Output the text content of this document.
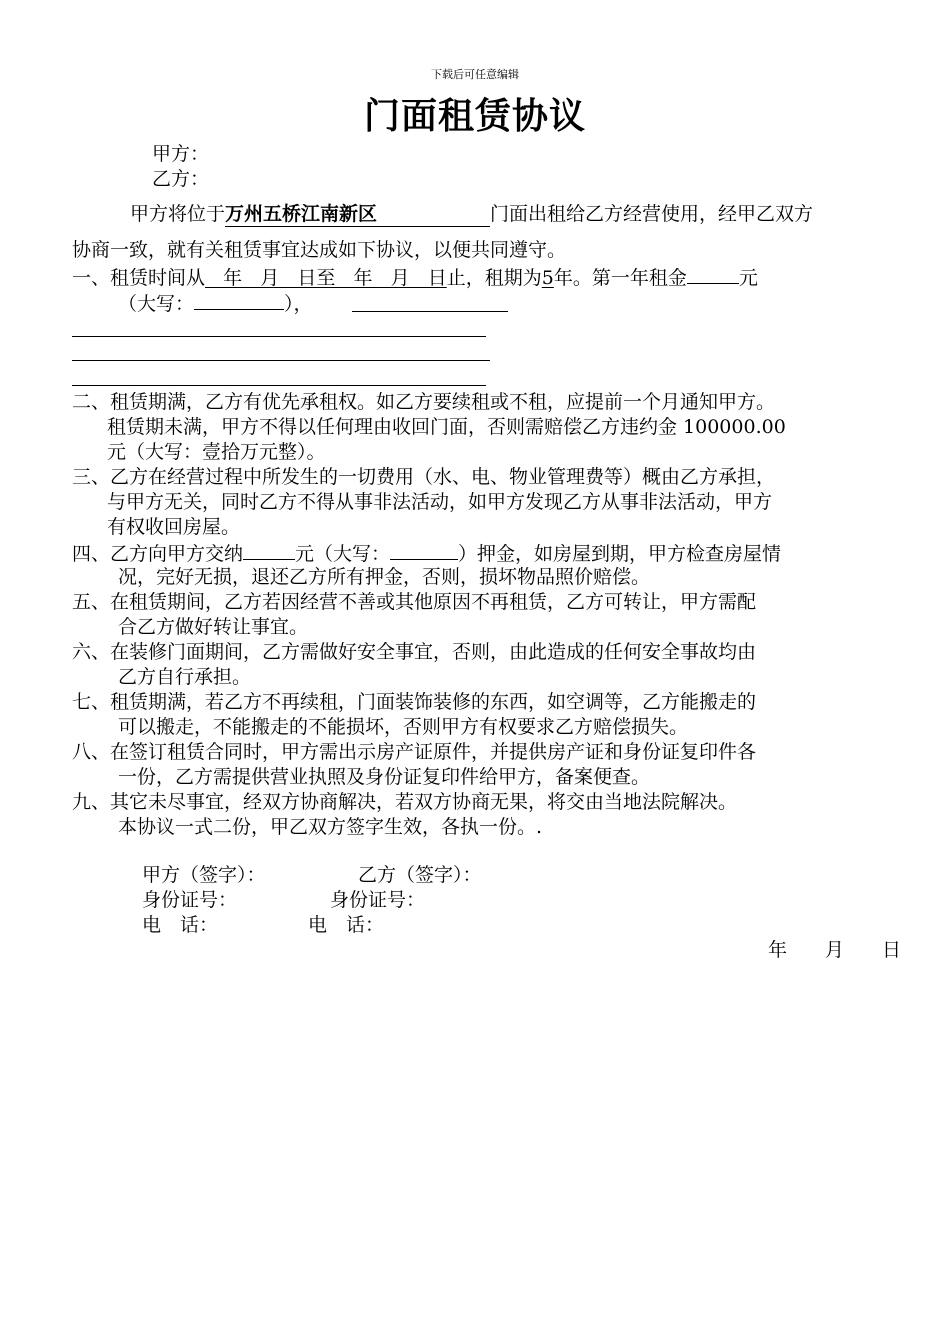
下载后可任意编辑
门面租赁协议
甲方：
乙方：
甲方将位于万州五桥江南新区	门面出租给乙方经营使用，经甲乙双方
协商一致，就有关租赁事宜达成如下协议，以便共同遵守。
一、租赁时间从   年   月   日至   年   月   日止，租期为5年。第一年租金	元
（大写：	），
二、租赁期满，乙方有优先承租权。如乙方要续租或不租，应提前一个月通知甲方。
租赁期未满，甲方不得以任何理由收回门面，否则需赔偿乙方违约金 100000.00
元（大写：壹拾万元整）。
三、乙方在经营过程中所发生的一切费用（水、电、物业管理费等）概由乙方承担，
与甲方无关，同时乙方不得从事非法活动，如甲方发现乙方从事非法活动，甲方
有权收回房屋。
四、乙方向甲方交纳	元（大写：	）押金，如房屋到期，甲方检查房屋情
况，完好无损，退还乙方所有押金，否则，损坏物品照价赔偿。
五、在租赁期间，乙方若因经营不善或其他原因不再租赁，乙方可转让，甲方需配
合乙方做好转让事宜。
六、在装修门面期间，乙方需做好安全事宜，否则，由此造成的任何安全事故均由
乙方自行承担。
七、租赁期满，若乙方不再续租，门面装饰装修的东西，如空调等，乙方能搬走的
可以搬走，不能搬走的不能损坏，否则甲方有权要求乙方赔偿损失。
八、在签订租赁合同时，甲方需出示房产证原件，并提供房产证和身份证复印件各
一份，乙方需提供营业执照及身份证复印件给甲方，备案便查。
九、其它未尽事宜，经双方协商解决，若双方协商无果，将交由当地法院解决。
本协议一式二份，甲乙双方签字生效，各执一份。.
甲方（签字）：	乙方（签字）：
身份证号：	身份证号：
电　话：	电　话：
年　　月　　日
